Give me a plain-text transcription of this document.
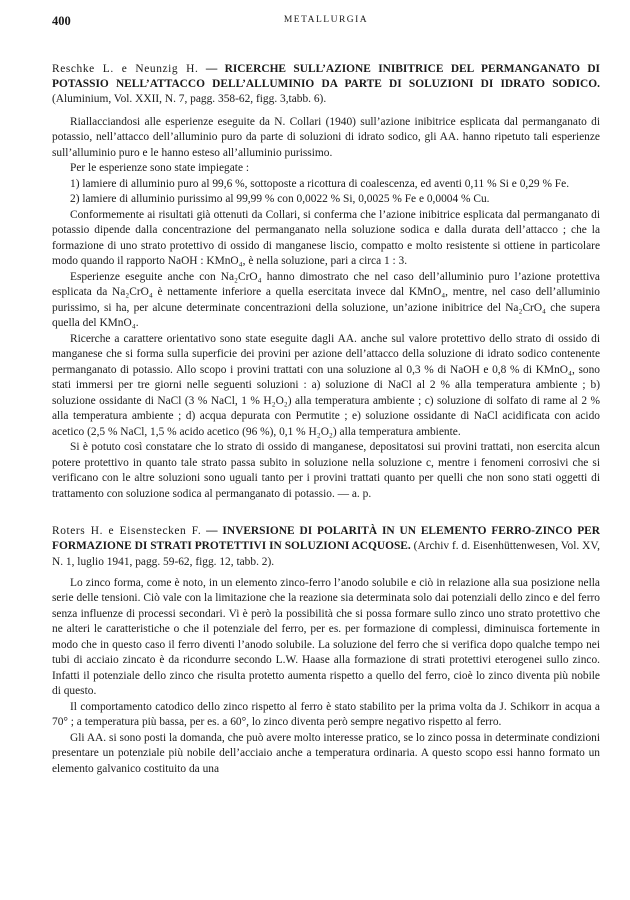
400	METALLURGIA

Reschke L. e Neunzig H. — RICERCHE SULL’AZIONE INIBITRICE DEL PERMANGANATO DI POTASSIO NELL’ATTACCO DELL’ALLUMINIO DA PARTE DI SOLUZIONI DI IDRATO SODICO. (Aluminium, Vol. XXII, N. 7, pagg. 358-62, figg. 3,tabb. 6).

Riallacciandosi alle esperienze eseguite da N. Collari (1940) sull’azione inibitrice esplicata dal permanganato di potassio, nell’attacco dell’alluminio puro da parte di soluzioni di idrato sodico, gli AA. hanno ripetuto tali esperienze sull’alluminio puro e le hanno esteso all’alluminio purissimo.

Per le esperienze sono state impiegate :

1) lamiere di alluminio puro al 99,6 %, sottoposte a ricottura di coalescenza, ed aventi 0,11 % Si e 0,29 % Fe.

2) lamiere di alluminio purissimo al 99,99 % con 0,0022 % Si, 0,0025 % Fe e 0,0004 % Cu.

Conformemente ai risultati già ottenuti da Collari, si conferma che l’azione inibitrice esplicata dal permanganato di potassio dipende dalla concentrazione del permanganato nella soluzione sodica e dalla durata dell’attacco ; che la formazione di uno strato protettivo di ossido di manganese liscio, compatto e molto resistente si ottiene in particolare modo quando il rapporto NaOH : KMnO₄, è nella soluzione, pari a circa 1 : 3.

Esperienze eseguite anche con Na₂CrO₄ hanno dimostrato che nel caso dell’alluminio puro l’azione protettiva esplicata da Na₂CrO₄ è nettamente inferiore a quella esercitata invece dal KMnO₄, mentre, nel caso dell’alluminio purissimo, si ha, per alcune determinate concentrazioni della soluzione, un’azione inibitrice del Na₂CrO₄ che supera quella del KMnO₄.

Ricerche a carattere orientativo sono state eseguite dagli AA. anche sul valore protettivo dello strato di ossido di manganese che si forma sulla superficie dei provini per azione dell’attacco della soluzione di idrato sodico contenente permanganato di potassio. Allo scopo i provini trattati con una soluzione al 0,3 % di NaOH e 0,8 % di KMnO₄, sono stati immersi per tre giorni nelle seguenti soluzioni : a) soluzione di NaCl al 2 % alla temperatura ambiente ; b) soluzione ossidante di NaCl (3 % NaCl, 1 % H₂O₂) alla temperatura ambiente ; c) soluzione di solfato di rame al 2 % alla temperatura ambiente ; d) acqua depurata con Permutite ; e) soluzione ossidante di NaCl acidificata con acido acetico (2,5 % NaCl, 1,5 % acido acetico (96 %), 0,1 % H₂O₂) alla temperatura ambiente.

Si è potuto così constatare che lo strato di ossido di manganese, depositatosi sui provini trattati, non esercita alcun potere protettivo in quanto tale strato passa subito in soluzione nella soluzione c, mentre i fenomeni corrosivi che si verificano con le altre soluzioni sono uguali tanto per i provini trattati quanto per quelli che non sono stati oggetti di trattamento con soluzione sodica al permanganato di potassio. — a. p.

Roters H. e Eisenstecken F. — INVERSIONE DI POLARITÀ IN UN ELEMENTO FERRO-ZINCO PER FORMAZIONE DI STRATI PROTETTIVI IN SOLUZIONI ACQUOSE. (Archiv f. d. Eisenhüttenwesen, Vol. XV, N. 1, luglio 1941, pagg. 59-62, figg. 12, tabb. 2).

Lo zinco forma, come è noto, in un elemento zinco-ferro l’anodo solubile e ciò in relazione alla sua posizione nella serie delle tensioni. Ciò vale con la limitazione che la reazione sia determinata solo dai potenziali dello zinco e del ferro senza influenze di processi secondari. Vi è però la possibilità che si possa formare sullo zinco uno strato protettivo che ne alteri le caratteristiche o che il potenziale del ferro, per es. per formazione di complessi, diminuisca fortemente in modo che in questo caso il ferro diventi l’anodo solubile. La soluzione del ferro che si verifica dopo qualche tempo nei tubi di acciaio zincato è da ricondurre secondo L.W. Haase alla formazione di strati protettivi eterogenei sullo zinco. Infatti il potenziale dello zinco che risulta protetto aumenta rispetto a quello del ferro, cioè lo zinco diventa più nobile di questo.

Il comportamento catodico dello zinco rispetto al ferro è stato stabilito per la prima volta da J. Schikorr in acqua a 70° ; a temperatura più bassa, per es. a 60°, lo zinco diventa però sempre negativo rispetto al ferro.

Gli AA. si sono posti la domanda, che può avere molto interesse pratico, se lo zinco possa in determinate condizioni presentare un potenziale più nobile dell’acciaio anche a temperatura ordinaria. A questo scopo essi hanno formato un elemento galvanico costituito da una
